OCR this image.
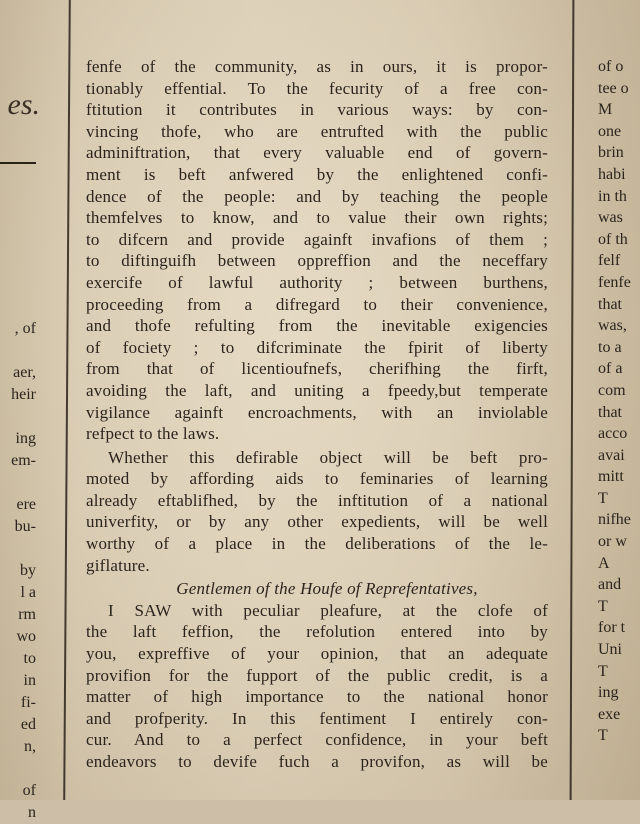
es.

, of

aer,
heir

ing
em-

ere
bu-

by
l a
rm
wo
to
in
fi-
ed
n,

of
n
fenfe of the community, as in ours, it is propor-
tionably effential. To the fecurity of a free con-
ftitution it contributes in various ways: by con-
vincing thofe, who are entrufted with the public
adminiftration, that every valuable end of govern-
ment is beft anfwered by the enlightened confi-
dence of the people: and by teaching the people
themfelves to know, and to value their own rights;
to difcern and provide againft invafions of them ;
to diftinguifh between oppreffion and the neceffary
exercife of lawful authority ; between burthens,
proceeding from a difregard to their convenience,
and thofe refulting from the inevitable exigencies
of fociety ; to difcriminate the fpirit of liberty
from that of licentioufnefs, cherifhing the firft,
avoiding the laft, and uniting a fpeedy,but temperate
vigilance againft encroachments, with an inviolable
refpect to the laws.
Whether this defirable object will be beft pro-
moted by affording aids to feminaries of learning
already eftablifhed, by the inftitution of a national
univerfity, or by any other expedients, will be well
worthy of a place in the deliberations of the le-
giflature.
Gentlemen of the Houfe of Reprefentatives,
I SAW with peculiar pleafure, at the clofe of
the laft feffion, the refolution entered into by
you, expreffive of your opinion, that an adequate
provifion for the fupport of the public credit, is a
matter of high importance to the national honor
and profperity. In this fentiment I entirely con-
cur. And to a perfect confidence, in your beft
endeavors to devife fuch a provifon, as will be
of o
tee o
M
one
brin
habi
in th
was
of th
felf
fenfe
that
was,
to a
of a
com
that
acco
avai
mitt
T
nifhe
or w
A
and
T
for t
Uni
T
ing
exe
T
